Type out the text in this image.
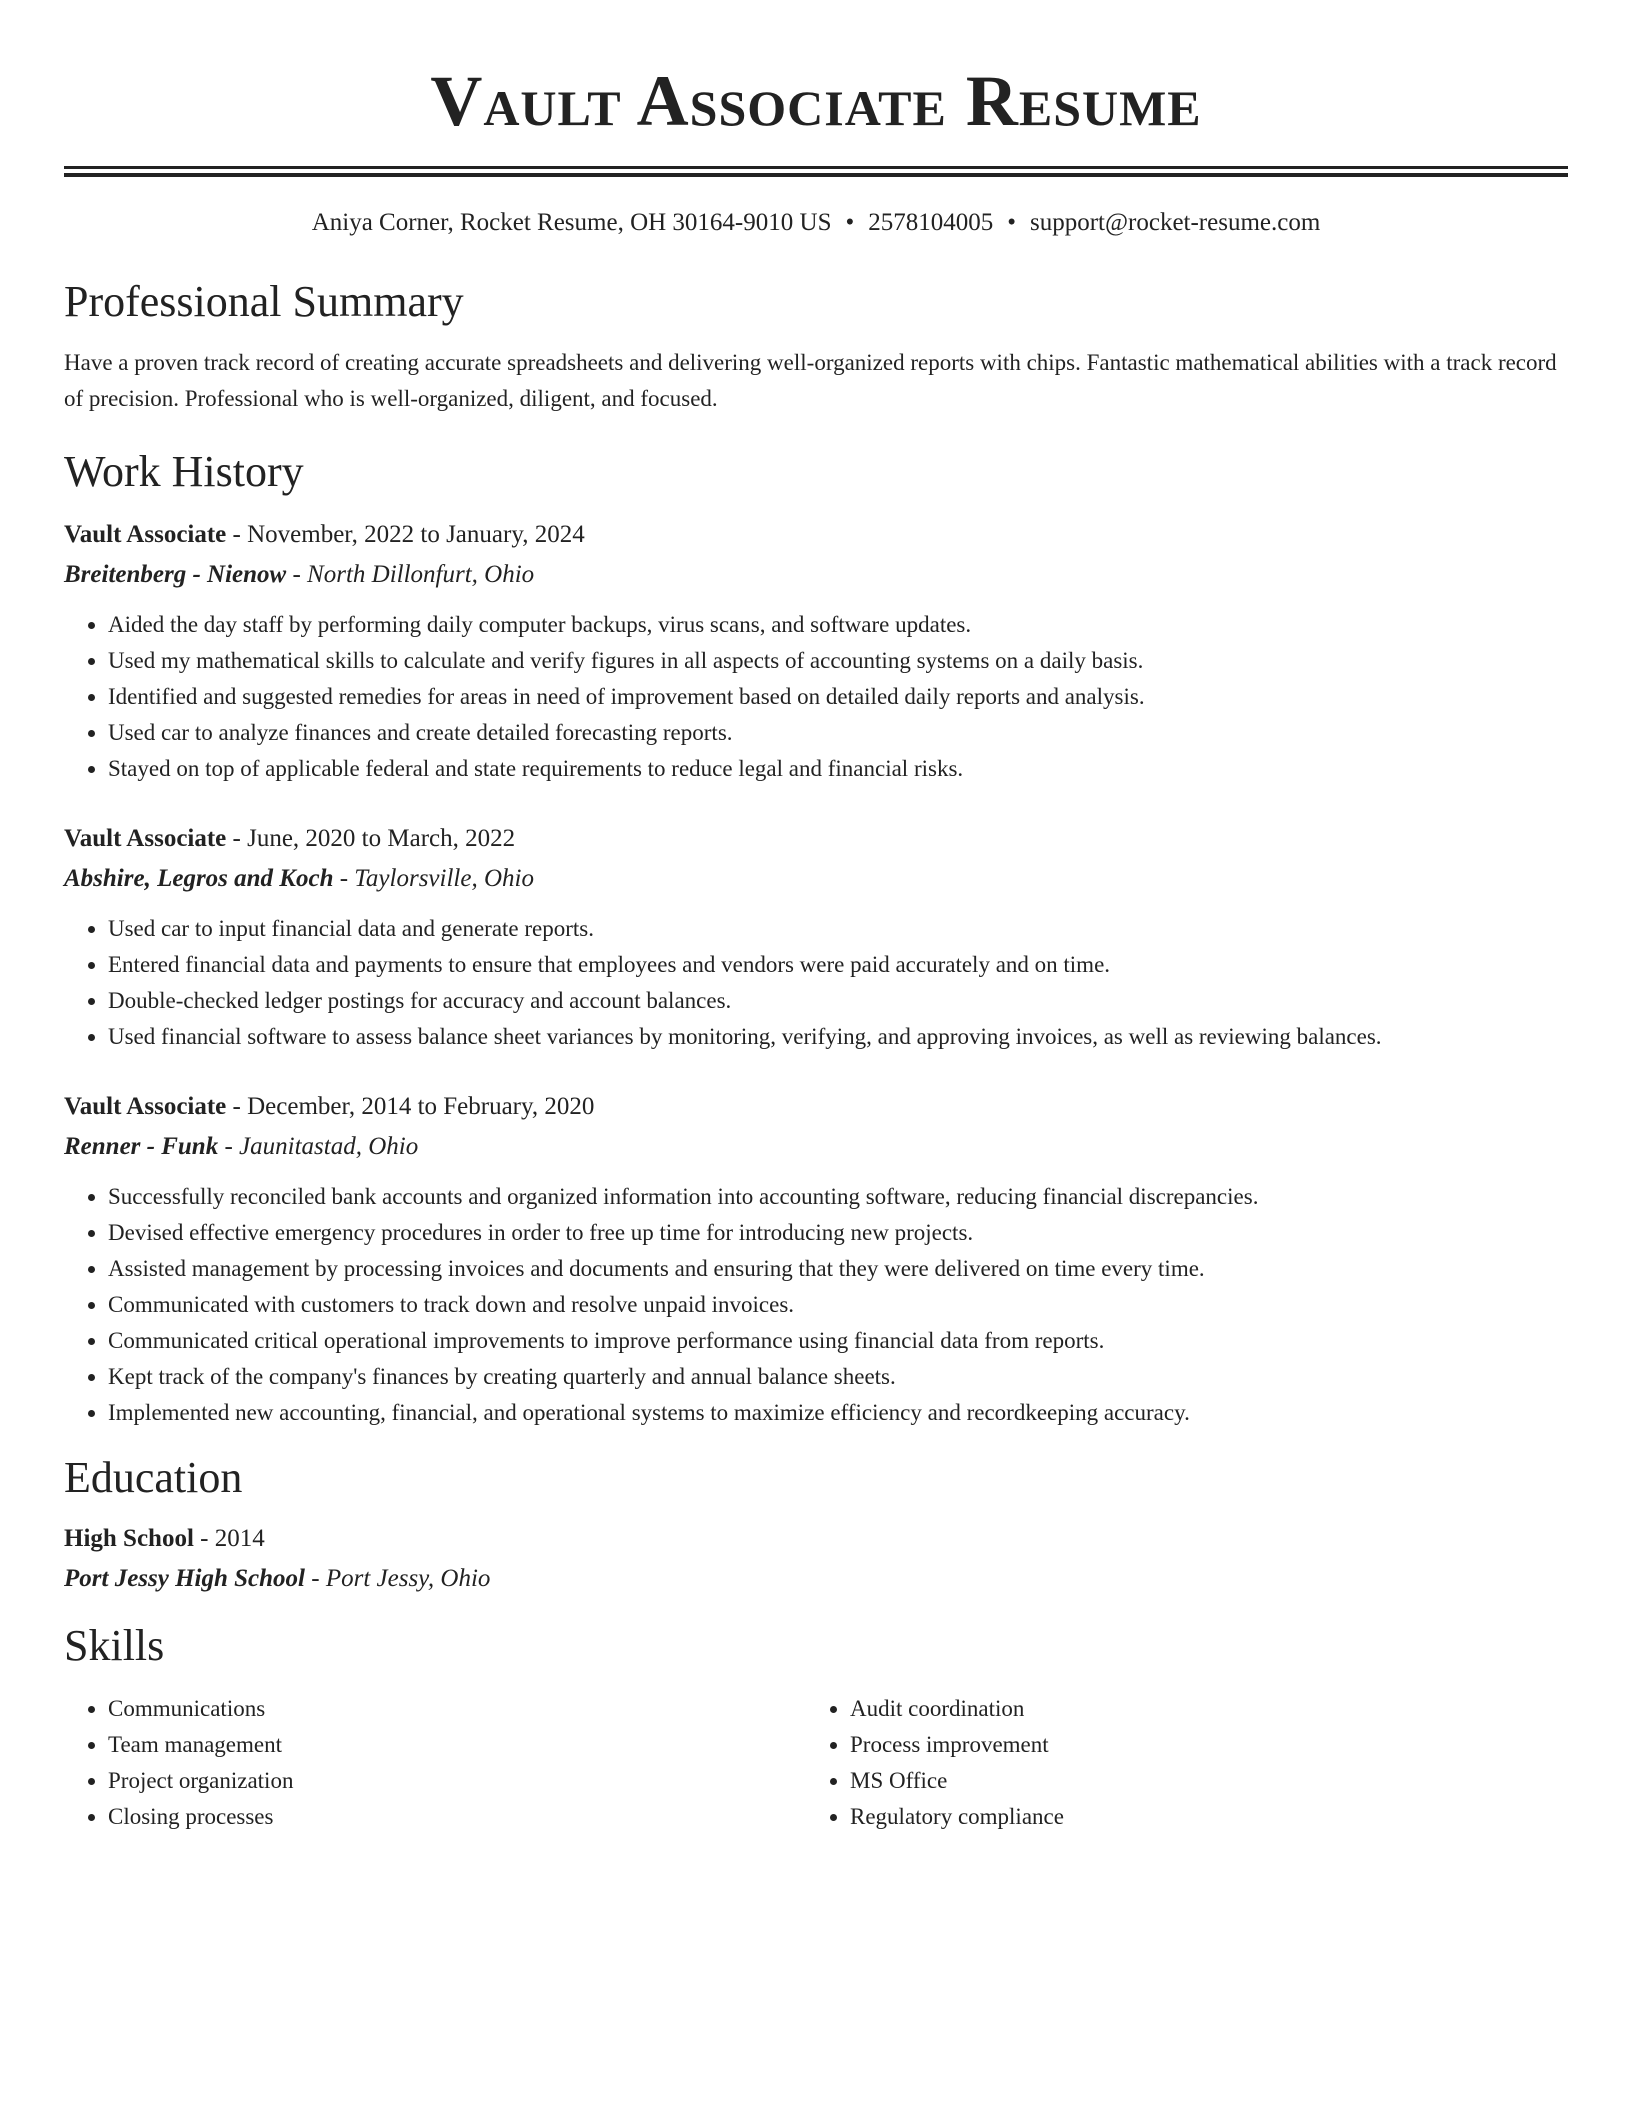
Vault Associate Resume
Aniya Corner, Rocket Resume, OH 30164-9010 US • 2578104005 • support@rocket-resume.com
Professional Summary

Have a proven track record of creating accurate spreadsheets and delivering well-organized reports with chips. Fantastic mathematical abilities with a track record of precision. Professional who is well-organized, diligent, and focused.

Work History
Vault Associate - November, 2022 to January, 2024
Breitenberg - Nienow - North Dillonfurt, Ohio
• Aided the day staff by performing daily computer backups, virus scans, and software updates.
• Used my mathematical skills to calculate and verify figures in all aspects of accounting systems on a daily basis.
• Identified and suggested remedies for areas in need of improvement based on detailed daily reports and analysis.
• Used car to analyze finances and create detailed forecasting reports.
• Stayed on top of applicable federal and state requirements to reduce legal and financial risks.
Vault Associate - June, 2020 to March, 2022
Abshire, Legros and Koch - Taylorsville, Ohio
• Used car to input financial data and generate reports.
• Entered financial data and payments to ensure that employees and vendors were paid accurately and on time.
• Double-checked ledger postings for accuracy and account balances.
• Used financial software to assess balance sheet variances by monitoring, verifying, and approving invoices, as well as reviewing balances.
Vault Associate - December, 2014 to February, 2020
Renner - Funk - Jaunitastad, Ohio
• Successfully reconciled bank accounts and organized information into accounting software, reducing financial discrepancies.
• Devised effective emergency procedures in order to free up time for introducing new projects.
• Assisted management by processing invoices and documents and ensuring that they were delivered on time every time.
• Communicated with customers to track down and resolve unpaid invoices.
• Communicated critical operational improvements to improve performance using financial data from reports.
• Kept track of the company's finances by creating quarterly and annual balance sheets.
• Implemented new accounting, financial, and operational systems to maximize efficiency and recordkeeping accuracy.
Education
High School - 2014
Port Jessy High School - Port Jessy, Ohio
Skills
• Communications
• Team management
• Project organization
• Closing processes
• Audit coordination
• Process improvement
• MS Office
• Regulatory compliance
